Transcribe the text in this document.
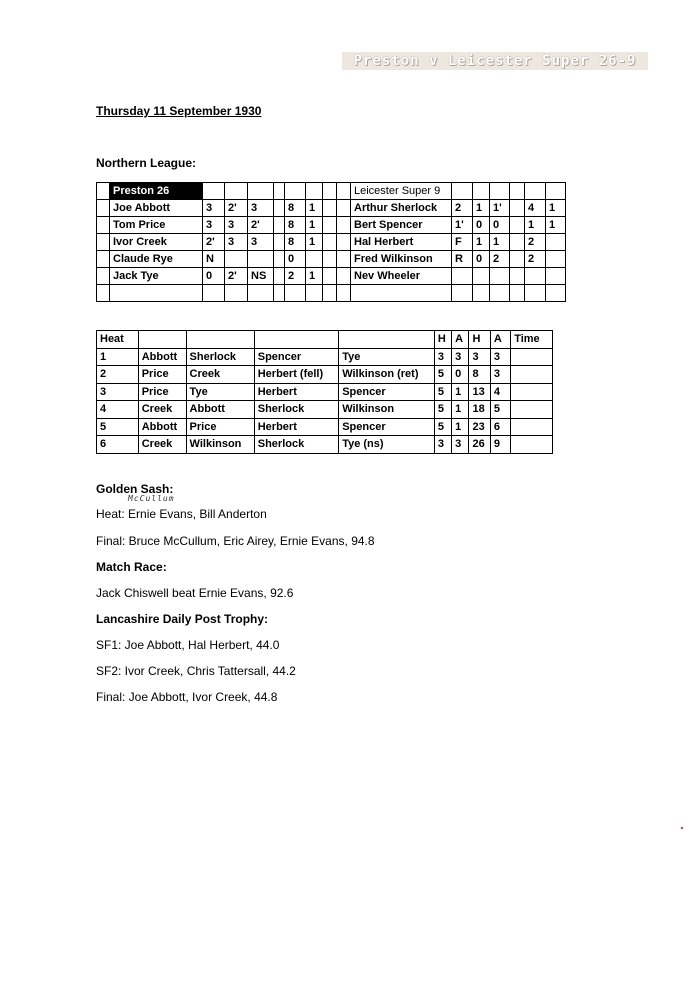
Preston v Leicester Super 26-9
Thursday 11 September 1930
Northern League:
	Preston 26									Leicester Super 9						
	Joe Abbott	3	2'	3		8	1			Arthur Sherlock	2	1	1'		4	1
	Tom Price	3	3	2'		8	1			Bert Spencer	1'	0	0		1	1
	Ivor Creek	2'	3	3		8	1			Hal Herbert	F	1	1		2	
	Claude Rye	N				0				Fred Wilkinson	R	0	2		2	
	Jack Tye	0	2'	NS		2	1			Nev Wheeler						

Heat					H	A	H	A	Time
1	Abbott	Sherlock	Spencer	Tye	3	3	3	3	
2	Price	Creek	Herbert (fell)	Wilkinson (ret)	5	0	8	3	
3	Price	Tye	Herbert	Spencer	5	1	13	4	
4	Creek	Abbott	Sherlock	Wilkinson	5	1	18	5	
5	Abbott	Price	Herbert	Spencer	5	1	23	6	
6	Creek	Wilkinson	Sherlock	Tye (ns)	3	3	26	9	
Golden Sash:
McCullum
Heat: Ernie Evans, Bill Anderton
Final: Bruce McCullum, Eric Airey, Ernie Evans, 94.8
Match Race:
Jack Chiswell beat Ernie Evans, 92.6
Lancashire Daily Post Trophy:
SF1: Joe Abbott, Hal Herbert, 44.0
SF2: Ivor Creek, Chris Tattersall, 44.2
Final: Joe Abbott, Ivor Creek, 44.8
